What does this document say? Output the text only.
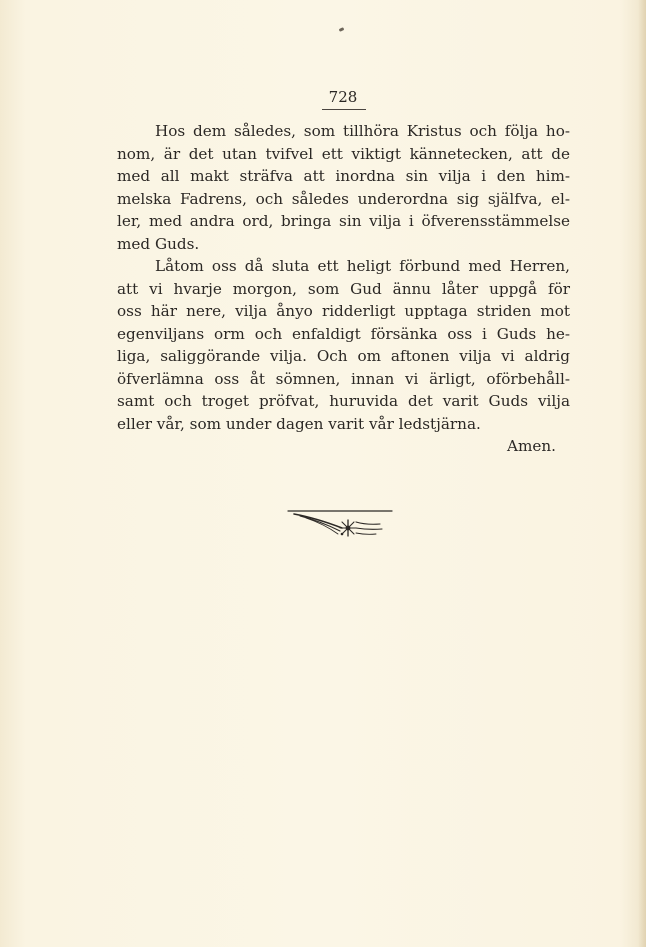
728
Hos dem således, som tillhöra Kristus och följa ho-
nom, är det utan tvifvel ett viktigt kännetecken, att de
med all makt sträfva att inordna sin vilja i den him-
melska Fadrens, och således underordna sig själfva, el-
ler, med andra ord, bringa sin vilja i öfverensstämmelse
med Guds.
Låtom oss då sluta ett heligt förbund med Herren,
att vi hvarje morgon, som Gud ännu låter uppgå för
oss här nere, vilja ånyo ridderligt upptaga striden mot
egenviljans orm och enfaldigt försänka oss i Guds he-
liga, saliggörande vilja. Och om aftonen vilja vi aldrig
öfverlämna oss åt sömnen, innan vi ärligt, oförbehåll-
samt och troget pröfvat, huruvida det varit Guds vilja
eller vår, som under dagen varit vår ledstjärna.
Amen.
